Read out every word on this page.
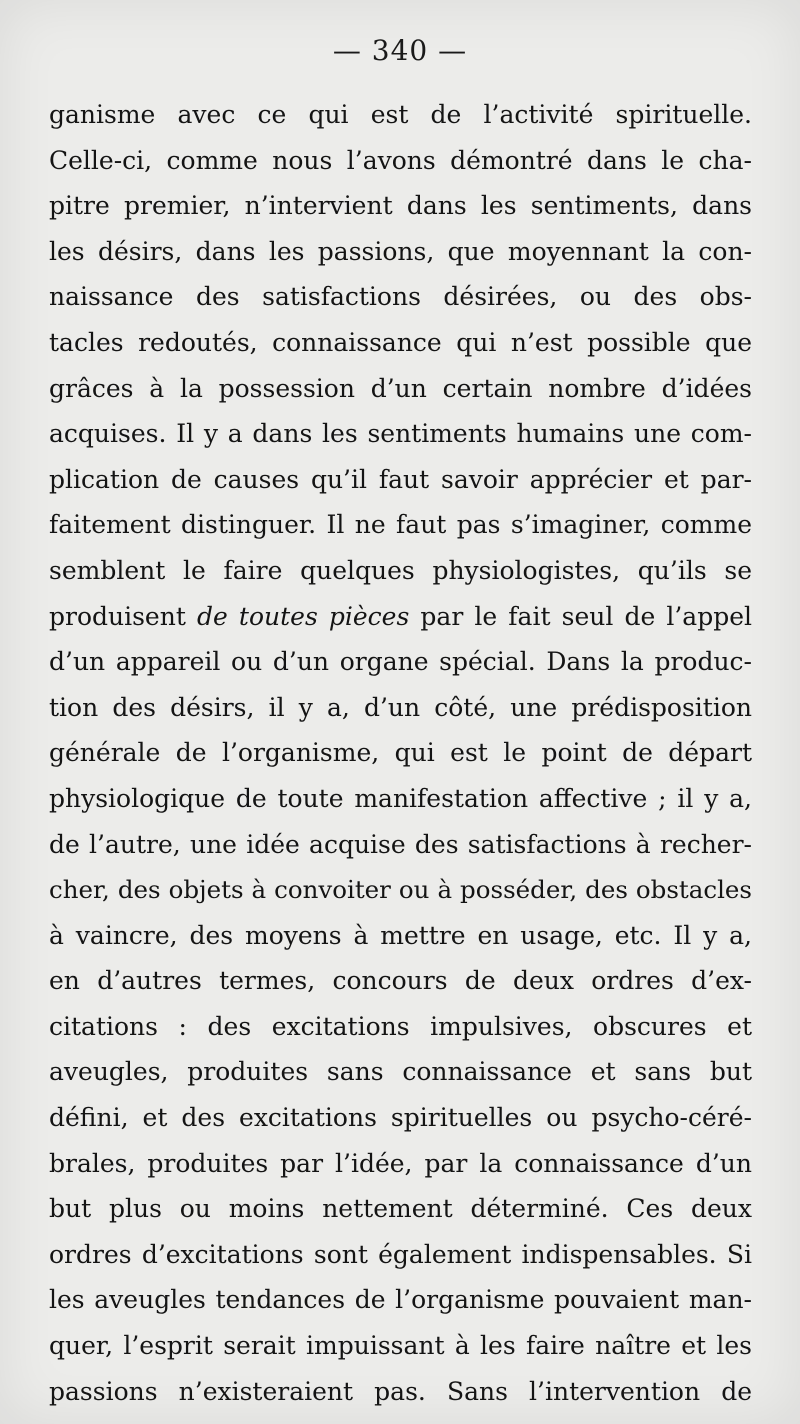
— 340 —
ganisme avec ce qui est de l’activité spirituelle.
Celle-ci, comme nous l’avons démontré dans le cha-
pitre premier, n’intervient dans les sentiments, dans
les désirs, dans les passions, que moyennant la con-
naissance des satisfactions désirées, ou des obs-
tacles redoutés, connaissance qui n’est possible que
grâces à la possession d’un certain nombre d’idées
acquises. Il y a dans les sentiments humains une com-
plication de causes qu’il faut savoir apprécier et par-
faitement distinguer. Il ne faut pas s’imaginer, comme
semblent le faire quelques physiologistes, qu’ils se
produisent de toutes pièces par le fait seul de l’appel
d’un appareil ou d’un organe spécial. Dans la produc-
tion des désirs, il y a, d’un côté, une prédisposition
générale de l’organisme, qui est le point de départ
physiologique de toute manifestation affective ; il y a,
de l’autre, une idée acquise des satisfactions à recher-
cher, des objets à convoiter ou à posséder, des obstacles
à vaincre, des moyens à mettre en usage, etc. Il y a,
en d’autres termes, concours de deux ordres d’ex-
citations : des excitations impulsives, obscures et
aveugles, produites sans connaissance et sans but
défini, et des excitations spirituelles ou psycho-céré-
brales, produites par l’idée, par la connaissance d’un
but plus ou moins nettement déterminé. Ces deux
ordres d’excitations sont également indispensables. Si
les aveugles tendances de l’organisme pouvaient man-
quer, l’esprit serait impuissant à les faire naître et les
passions n’existeraient pas. Sans l’intervention de
